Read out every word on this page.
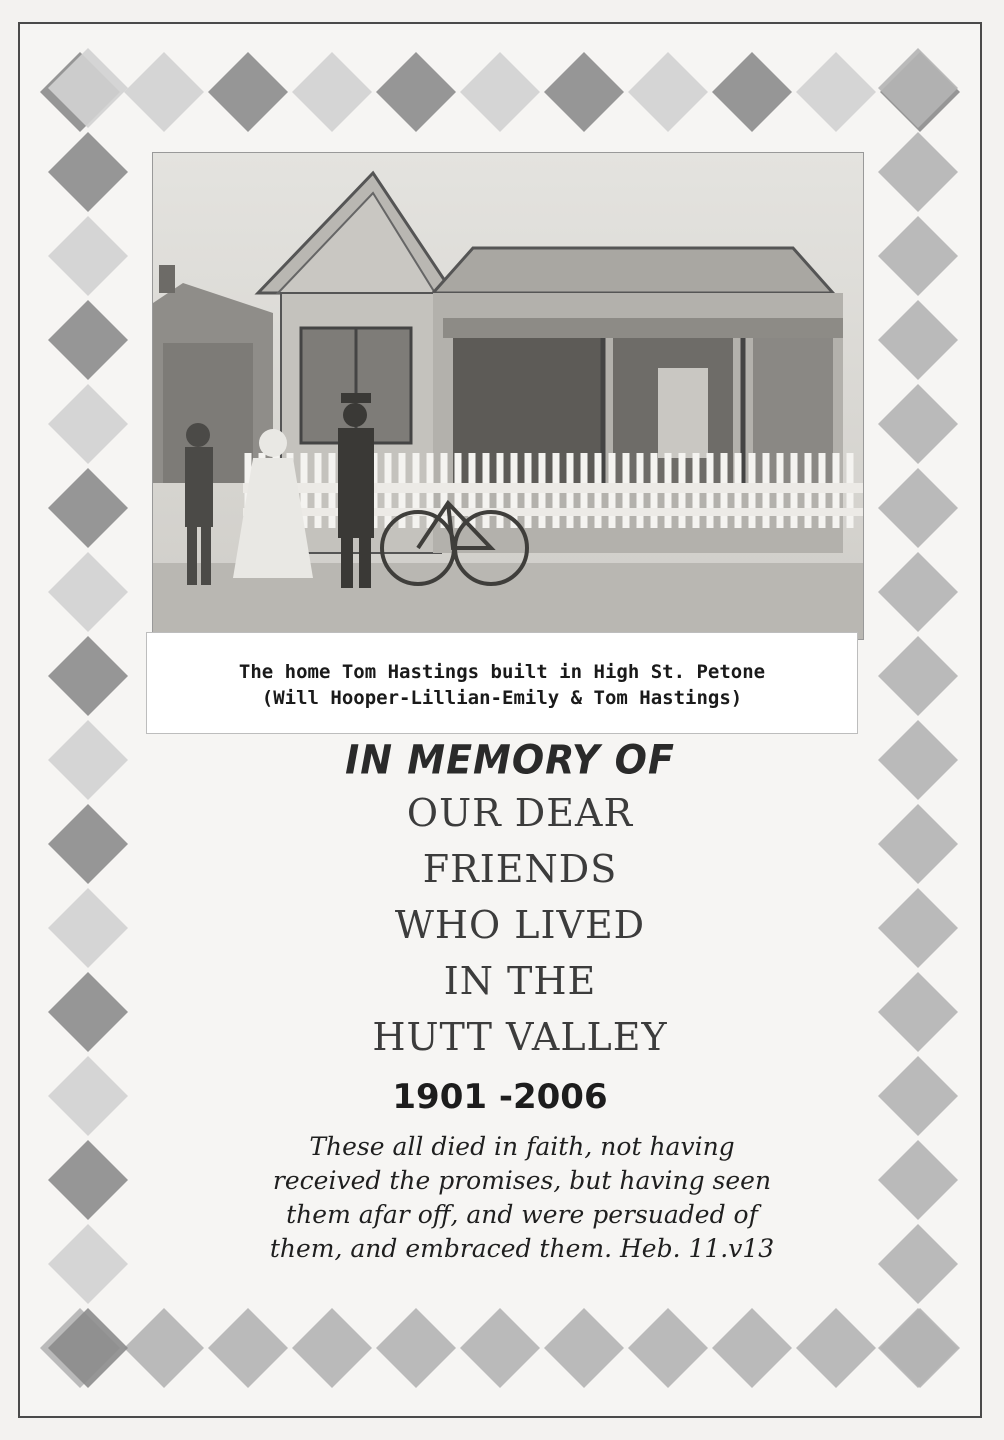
The home Tom Hastings built in High St. Petone
(Will Hooper-Lillian-Emily & Tom Hastings)
IN MEMORY OF
OUR DEAR
FRIENDS
WHO LIVED
IN THE
HUTT VALLEY
1901 -2006
These all died in faith, not having
received the promises, but having seen
them afar off, and were persuaded of
them, and embraced them. Heb. 11.v13
